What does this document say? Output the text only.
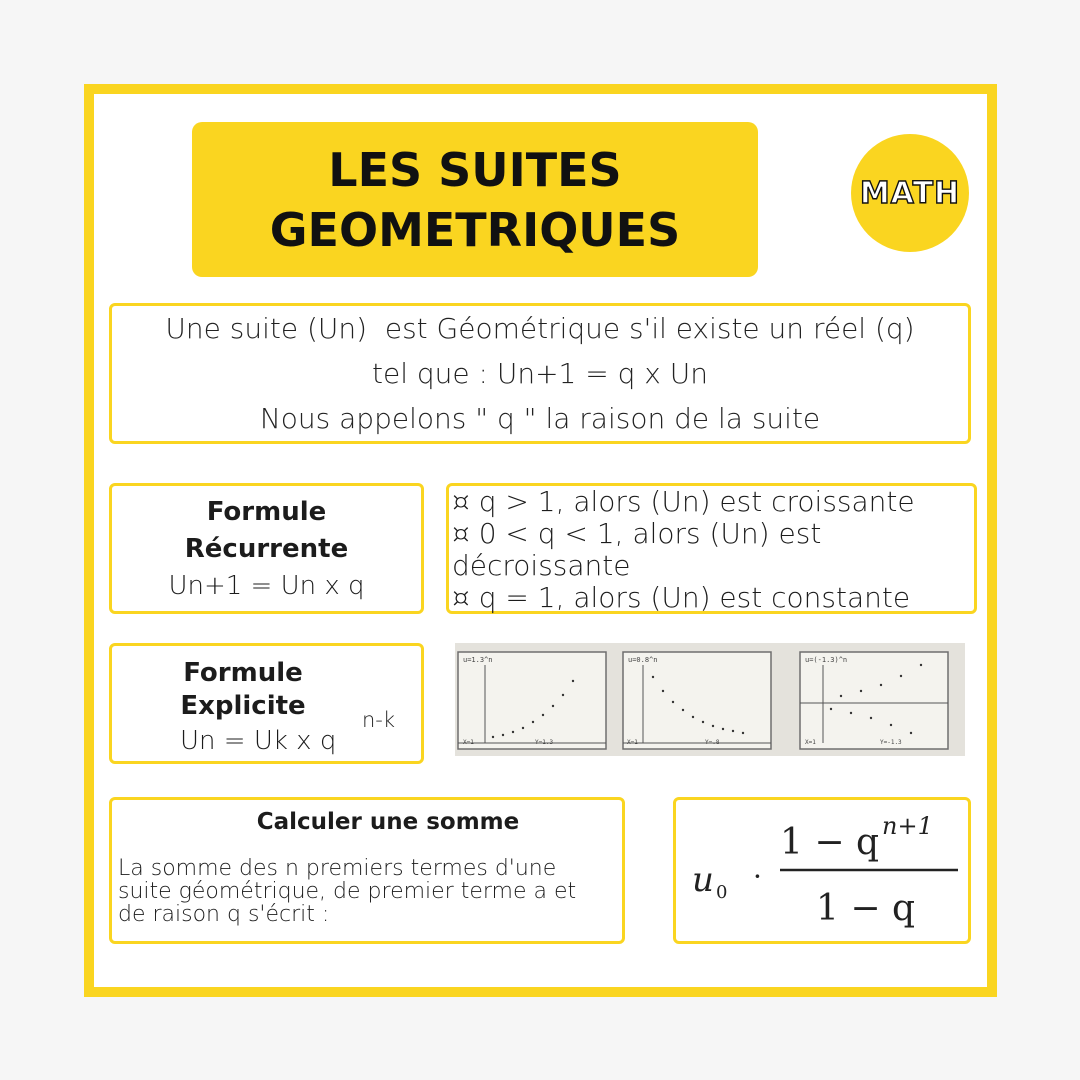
LES SUITES
GEOMETRIQUES
MATH
Une suite (Un)  est Géométrique s'il existe un réel (q)
tel que : Un+1 = q x Un
Nous appelons " q " la raison de la suite
Formule
Récurrente
Un+1 = Un x q
¤ q > 1, alors (Un) est croissante
¤ 0 < q < 1, alors (Un) est
décroissante
¤ q = 1, alors (Un) est constante
Formule
Explicite
Un = Uk x q
n-k
u=1.3^n
X=1	Y=1.3
u=0.8^n
X=1	Y=.8
u=(-1.3)^n
X=1	Y=-1.3
Calculer une somme
La somme des n premiers termes d'une
suite géométrique, de premier terme a et
de raison q s'écrit :
u 0 ·
1 − q n+1
1 − q
